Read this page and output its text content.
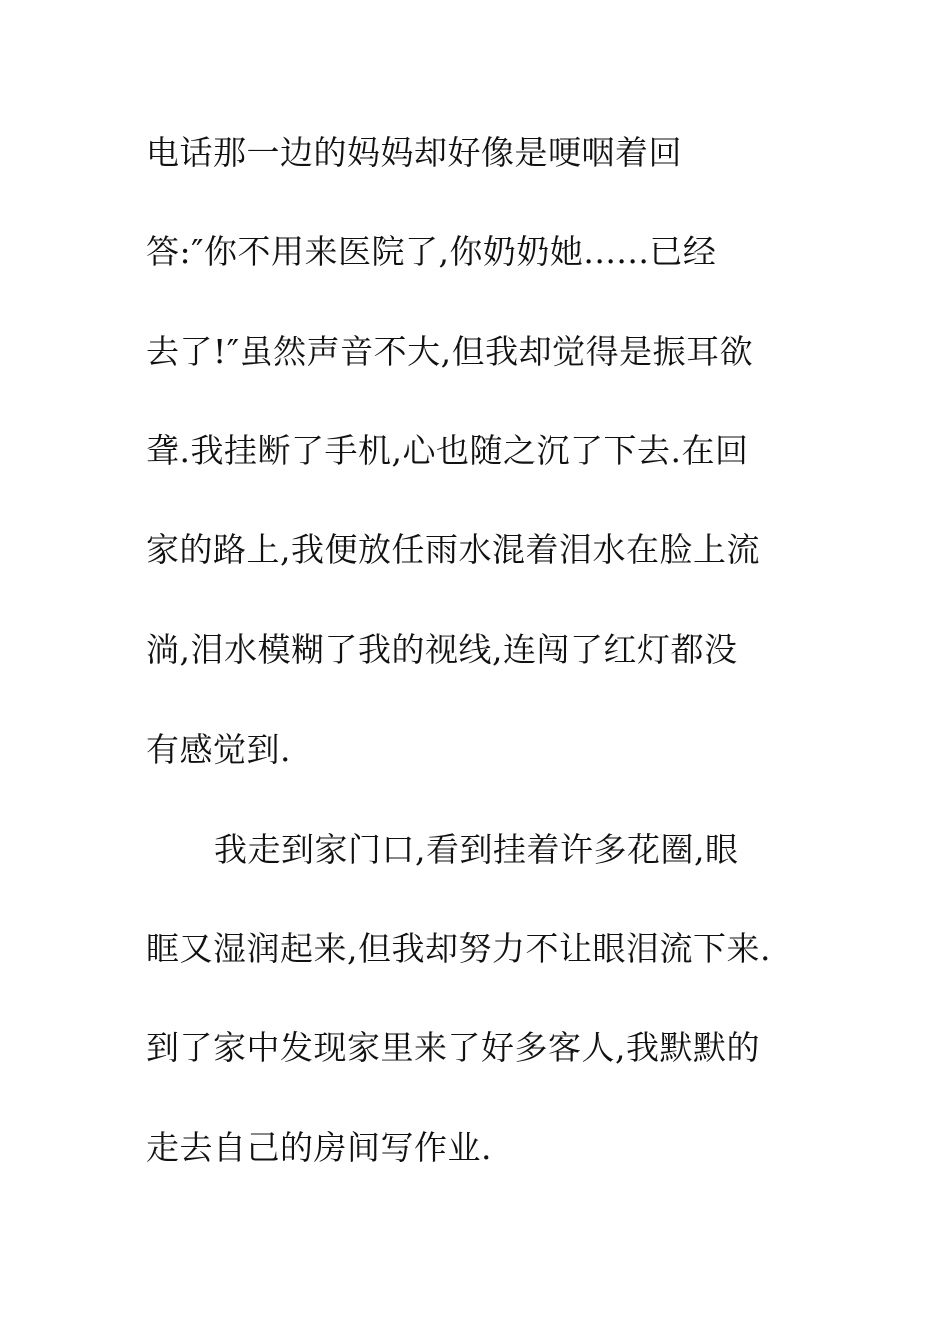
电话那一边的妈妈却好像是哽咽着回
答:″你不用来医院了,你奶奶她......已经
去了!″虽然声音不大,但我却觉得是振耳欲
聋.我挂断了手机,心也随之沉了下去.在回
家的路上,我便放任雨水混着泪水在脸上流
淌,泪水模糊了我的视线,连闯了红灯都没
有感觉到.
我走到家门口,看到挂着许多花圈,眼
眶又湿润起来,但我却努力不让眼泪流下来.
到了家中发现家里来了好多客人,我默默的
走去自己的房间写作业.
